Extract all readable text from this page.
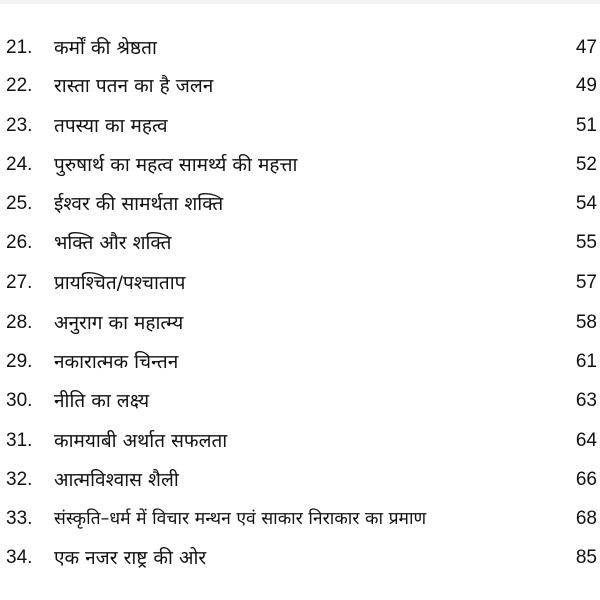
21. कर्मों की श्रेष्ठता	47
22. रास्ता पतन का है जलन	49
23. तपस्या का महत्व	51
24. पुरुषार्थ का महत्व सामर्थ्य की महत्ता	52
25. ईश्वर की सामर्थता शक्ति	54
26. भक्ति और शक्ति	55
27. प्रायश्चित/पश्चाताप	57
28. अनुराग का महात्म्य	58
29. नकारात्मक चिन्तन	61
30. नीति का लक्ष्य	63
31. कामयाबी अर्थात सफलता	64
32. आत्मविश्वास शैली	66
33. संस्कृति–धर्म में विचार मन्थन एवं साकार निराकार का प्रमाण	68
34. एक नजर राष्ट्र की ओर	85
